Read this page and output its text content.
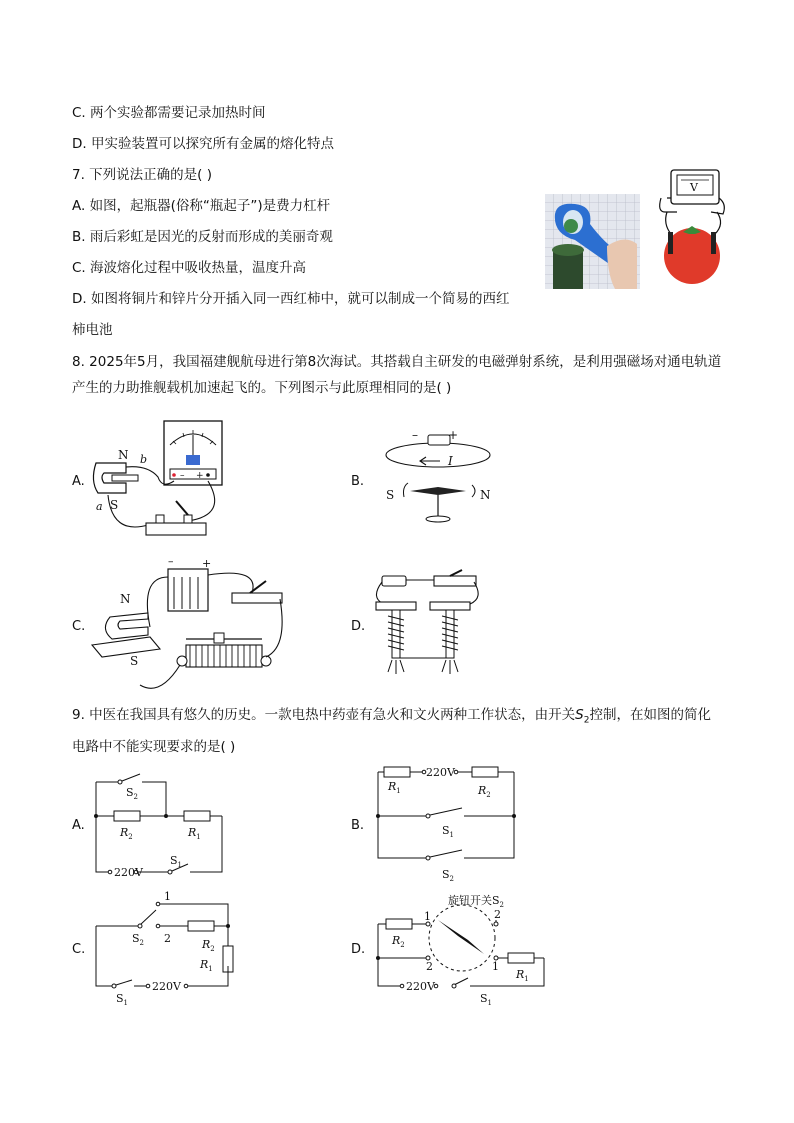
C. 两个实验都需要记录加热时间
D. 甲实验装置可以探究所有金属的熔化特点
7. 下列说法正确的是( )
A. 如图，起瓶器(俗称“瓶起子”)是费力杠杆
B. 雨后彩虹是因光的反射而形成的美丽奇观
C. 海波熔化过程中吸收热量，温度升高
D. 如图将铜片和锌片分开插入同一西红柿中，就可以制成一个简易的西红
柿电池
V
8. 2025年5月，我国福建舰航母进行第8次海试。其搭载自主研发的电磁弹射系统，是利用强磁场对通电轨道产生的力助推舰载机加速起飞的。下列图示与此原理相同的是( )
A.	B.
C.	D.
N
S
a
b
– +
–	+
I
S	N
–	+
N
S
9. 中医在我国具有悠久的历史。一款电热中药壶有急火和文火两种工作状态，由开关$S_2$控制，在如图的简化电路中不能实现要求的是( )
A.	B.
C.	D.
$S_2$
$R_2$	$R_1$
220V
$S_1$
$R_1$
220V
$R_2$
$S_1$
$S_2$
1
2
$S_2$	$R_2$
$R_1$
$S_1$
220V
旋钮开关$S_2$
1	2
2	1
$R_2$
$R_1$
220V
$S_1$
